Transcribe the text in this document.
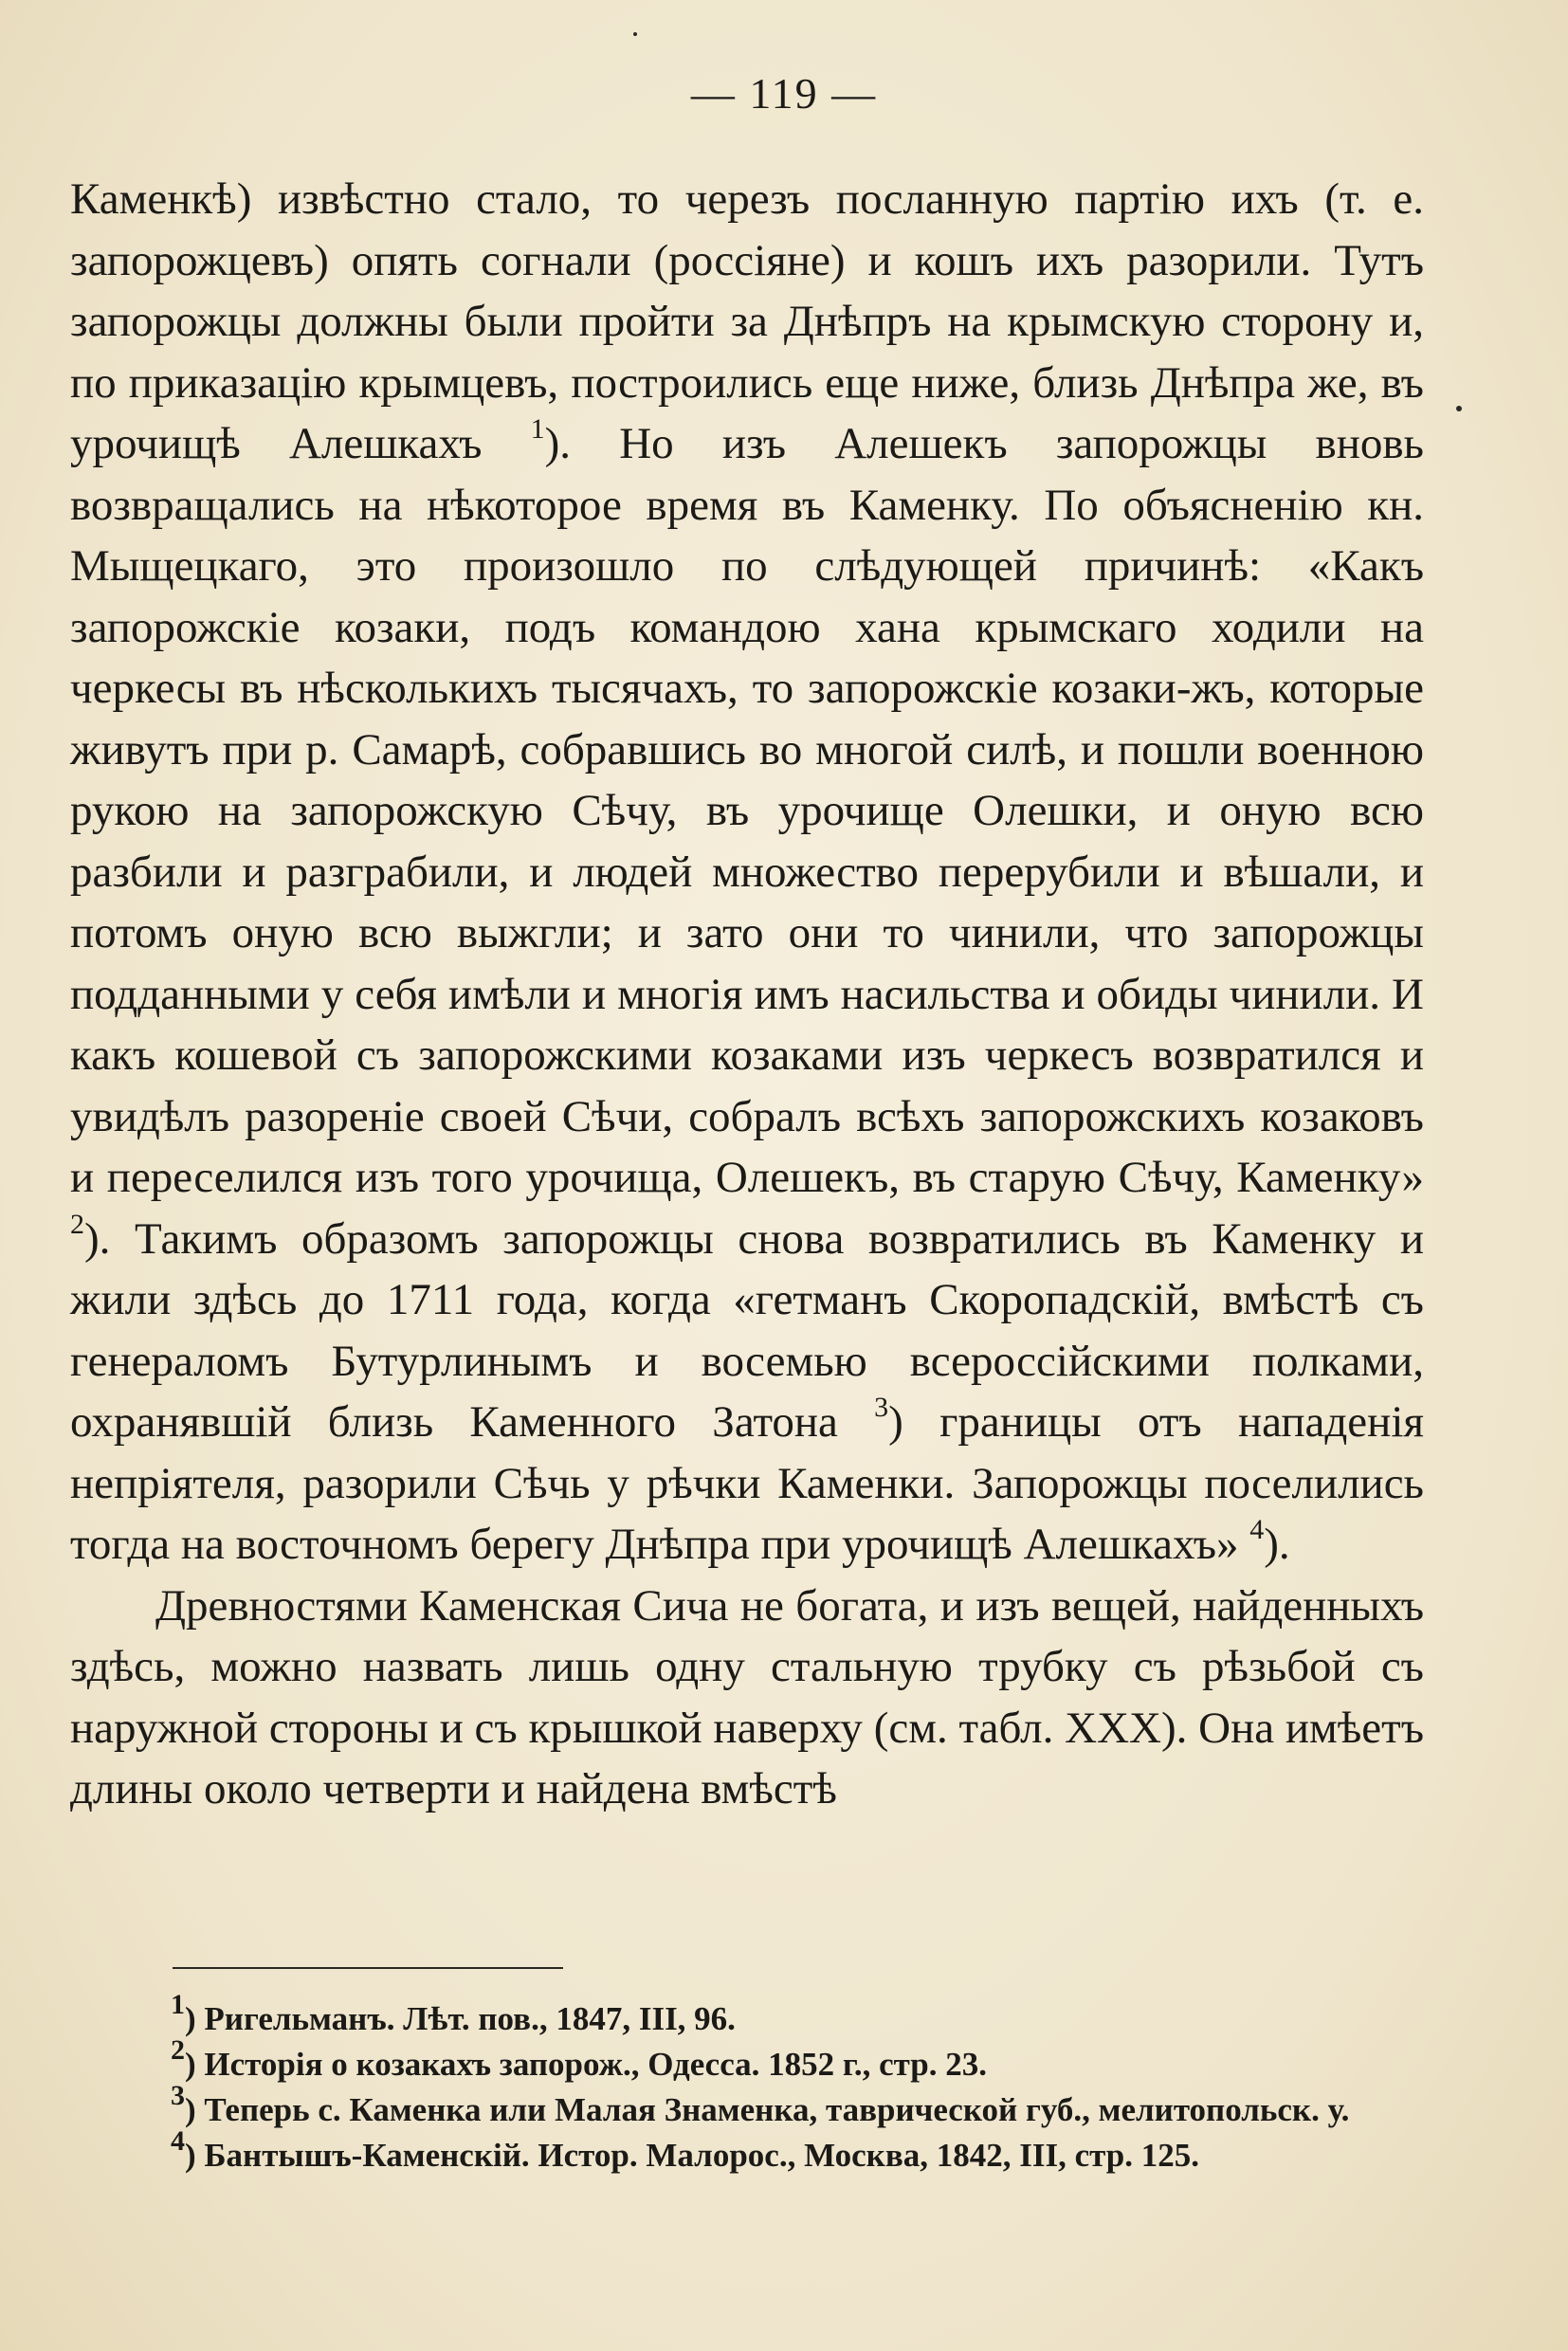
— 119 —

Каменкѣ) извѣстно стало, то черезъ посланную партію ихъ (т. е. запорожцевъ) опять согнали (россіяне) и кошъ ихъ разорили. Тутъ запорожцы должны были пройти за Днѣпръ на крымскую сторону и, по приказацію крымцевъ, построились еще ниже, близь Днѣпра же, въ урочищѣ Алешкахъ $^1$). Но изъ Алешекъ запорожцы вновь возвращались на нѣкоторое время въ Каменку. По объясненію кн. Мыщецкаго, это произошло по слѣдующей причинѣ: «Какъ запорожскіе козаки, подъ командою хана крымскаго ходили на черкесы въ нѣсколькихъ тысячахъ, то запорожскіе козаки-жъ, которые живутъ при р. Самарѣ, собравшись во многой силѣ, и пошли военною рукою на запорожскую Сѣчу, въ урочище Олешки, и оную всю разбили и разграбили, и людей множество перерубили и вѣшали, и потомъ оную всю выжгли; и зато они то чинили, что запорожцы подданными у себя имѣли и многія имъ насильства и обиды чинили. И какъ кошевой съ запорожскими козаками изъ черкесъ возвратился и увидѣлъ разореніе своей Сѣчи, собралъ всѣхъ запорожскихъ козаковъ и переселился изъ того урочища, Олешекъ, въ старую Сѣчу, Каменку» $^2$). Такимъ образомъ запорожцы снова возвратились въ Каменку и жили здѣсь до 1711 года, когда «гетманъ Скоропадскій, вмѣстѣ съ генераломъ Бутурлинымъ и восемью всероссійскими полками, охранявшій близь Каменного Затона $^3$) границы отъ нападенія непріятеля, разорили Сѣчь у рѣчки Каменки. Запорожцы поселились тогда на восточномъ берегу Днѣпра при урочищѣ Алешкахъ» $^4$).

Древностями Каменская Сича не богата, и изъ вещей, найденныхъ здѣсь, можно назвать лишь одну стальную трубку съ рѣзьбой съ наружной стороны и съ крышкой наверху (см. табл. XXX). Она имѣетъ длины около четверти и найдена вмѣстѣ

$^1$) Ригельманъ. Лѣт. пов., 1847, III, 96.

$^2$) Исторія о козакахъ запорож., Одесса. 1852 г., стр. 23.

$^3$) Теперь с. Каменка или Малая Знаменка, таврической губ., мелитопольск. у.

$^4$) Бантышъ-Каменскій. Истор. Малорос., Москва, 1842, III, стр. 125.
